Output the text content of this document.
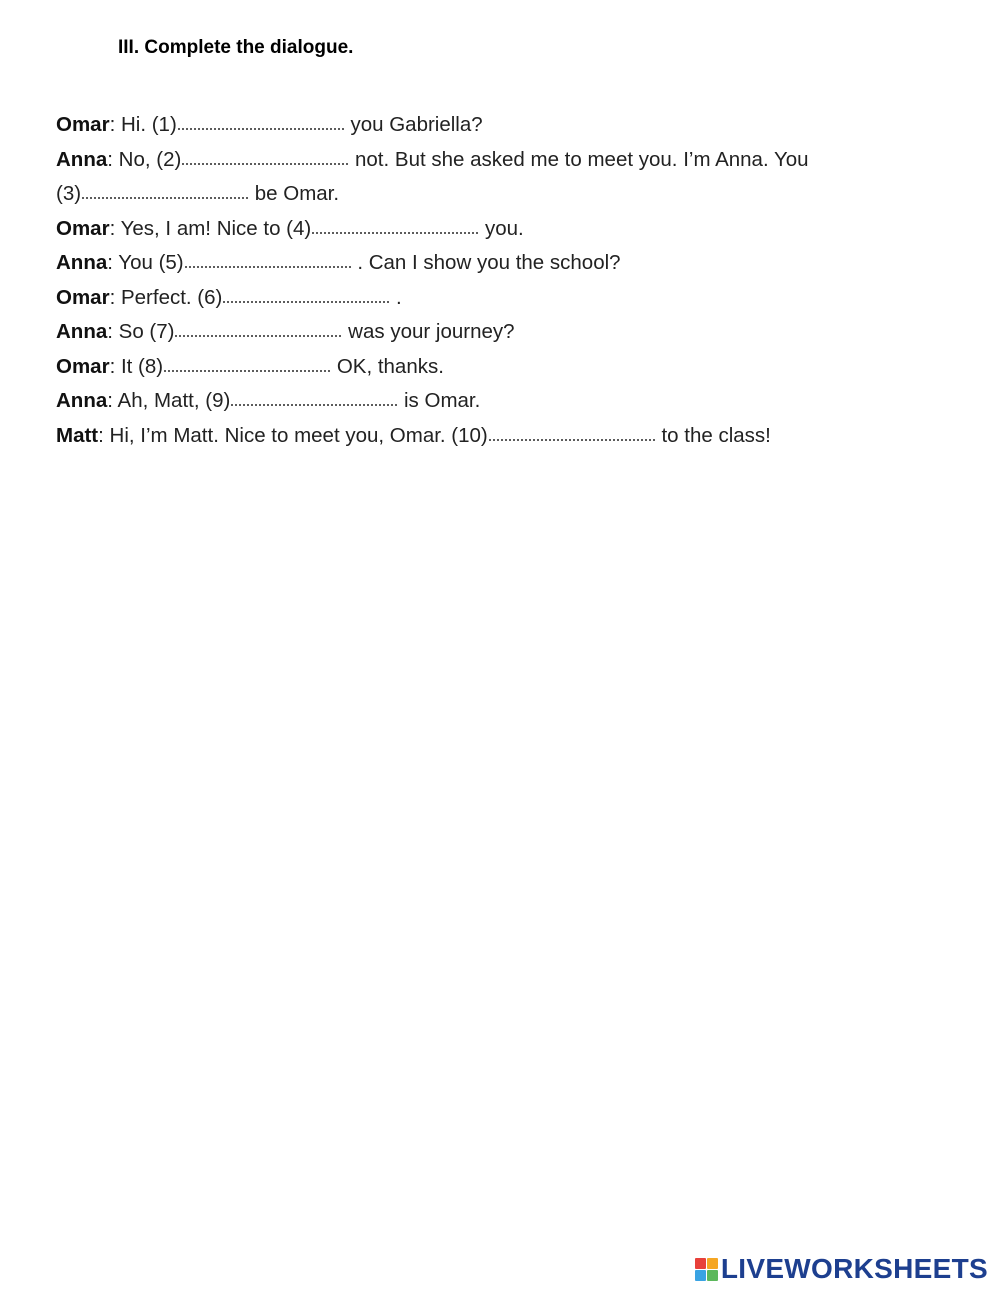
III. Complete the dialogue.
Omar: Hi. (1)	you Gabriella?
Anna: No, (2)	not. But she asked me to meet you. I’m Anna. You
(3)	be Omar.
Omar: Yes, I am! Nice to (4)	you.
Anna: You (5)	. Can I show you the school?
Omar: Perfect. (6)	.
Anna: So (7)	was your journey?
Omar: It (8)	OK, thanks.
Anna: Ah, Matt, (9)	is Omar.
Matt: Hi, I’m Matt. Nice to meet you, Omar. (10)	to the class!
LIVEWORKSHEETS
